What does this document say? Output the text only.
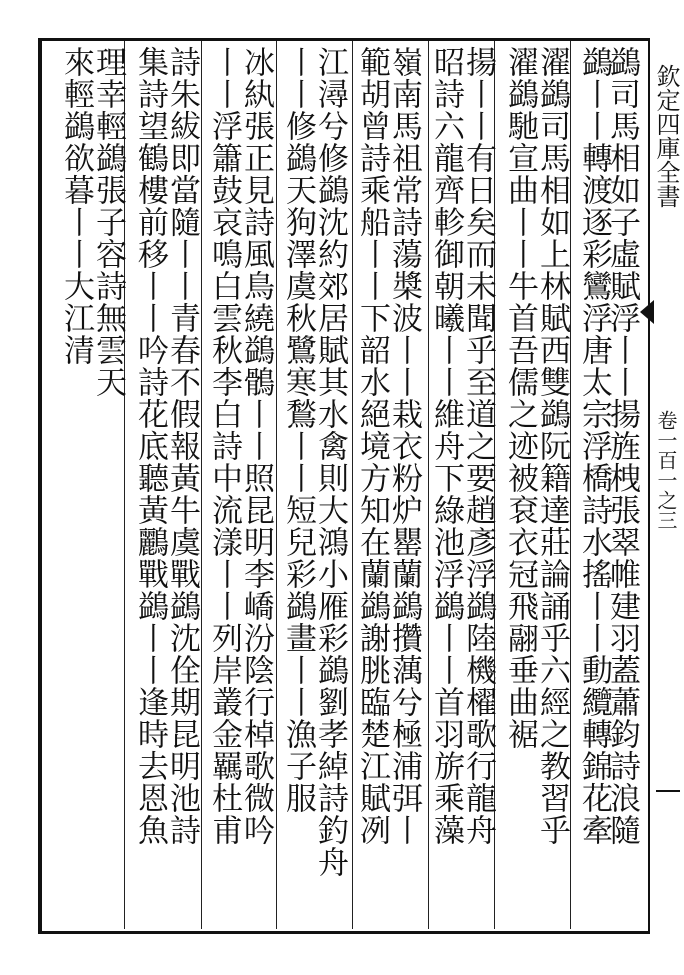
鷁司馬相如子虛賦浮丨丨揚旌栧張翠帷建羽蓋蕭鈞詩浪隨
鷁丨丨轉渡逐彩鸞浮唐太宗浮橋詩水搖丨丨動纜轉錦花牽
濯鷁司馬相如上林賦西雙鷁阮籍達莊論誦乎六經之教習乎
濯鷁馳宣曲丨丨牛首吾儒之迹被袞衣冠飛翮垂曲裾
揚丨丨有日矣而未聞乎至道之要趙彥浮鷁陸機櫂歌行龍舟
昭詩六龍齊軫御朝曦丨丨維舟下綠池浮鷁丨丨首羽旂乘藻
嶺南馬祖常詩蕩槳波丨丨栽衣粉炉罌蘭鷁攢蕅兮極浦弭丨
範胡曾詩乘船丨丨下韶水絕境方知在蘭鷁謝朓臨楚江賦冽
江潯兮修鷁沈約郊居賦其水禽則大鴻小雁彩鷁劉孝綽詩釣舟
丨丨修鷁天狗澤虞秋鷺寒鶖丨丨短兒彩鷁畫丨丨漁子服
冰紈張正見詩風鳥繞鷁鶻丨丨照昆明李嶠汾陰行棹歌微吟
丨丨浮簫鼓哀鳴白雲秋李白詩中流漾丨丨列岸叢金羈杜甫
詩朱紱即當隨丨丨青春不假報黃牛虞戰鷁沈佺期昆明池詩
集詩望鶴樓前移丨丨吟詩花底聽黃鸝戰鷁丨丨逢時去恩魚
理幸輕鷁張子容詩無雲天
來輕鷁欲暮丨丨大江清	欽定四庫全書
卷一百一之三
